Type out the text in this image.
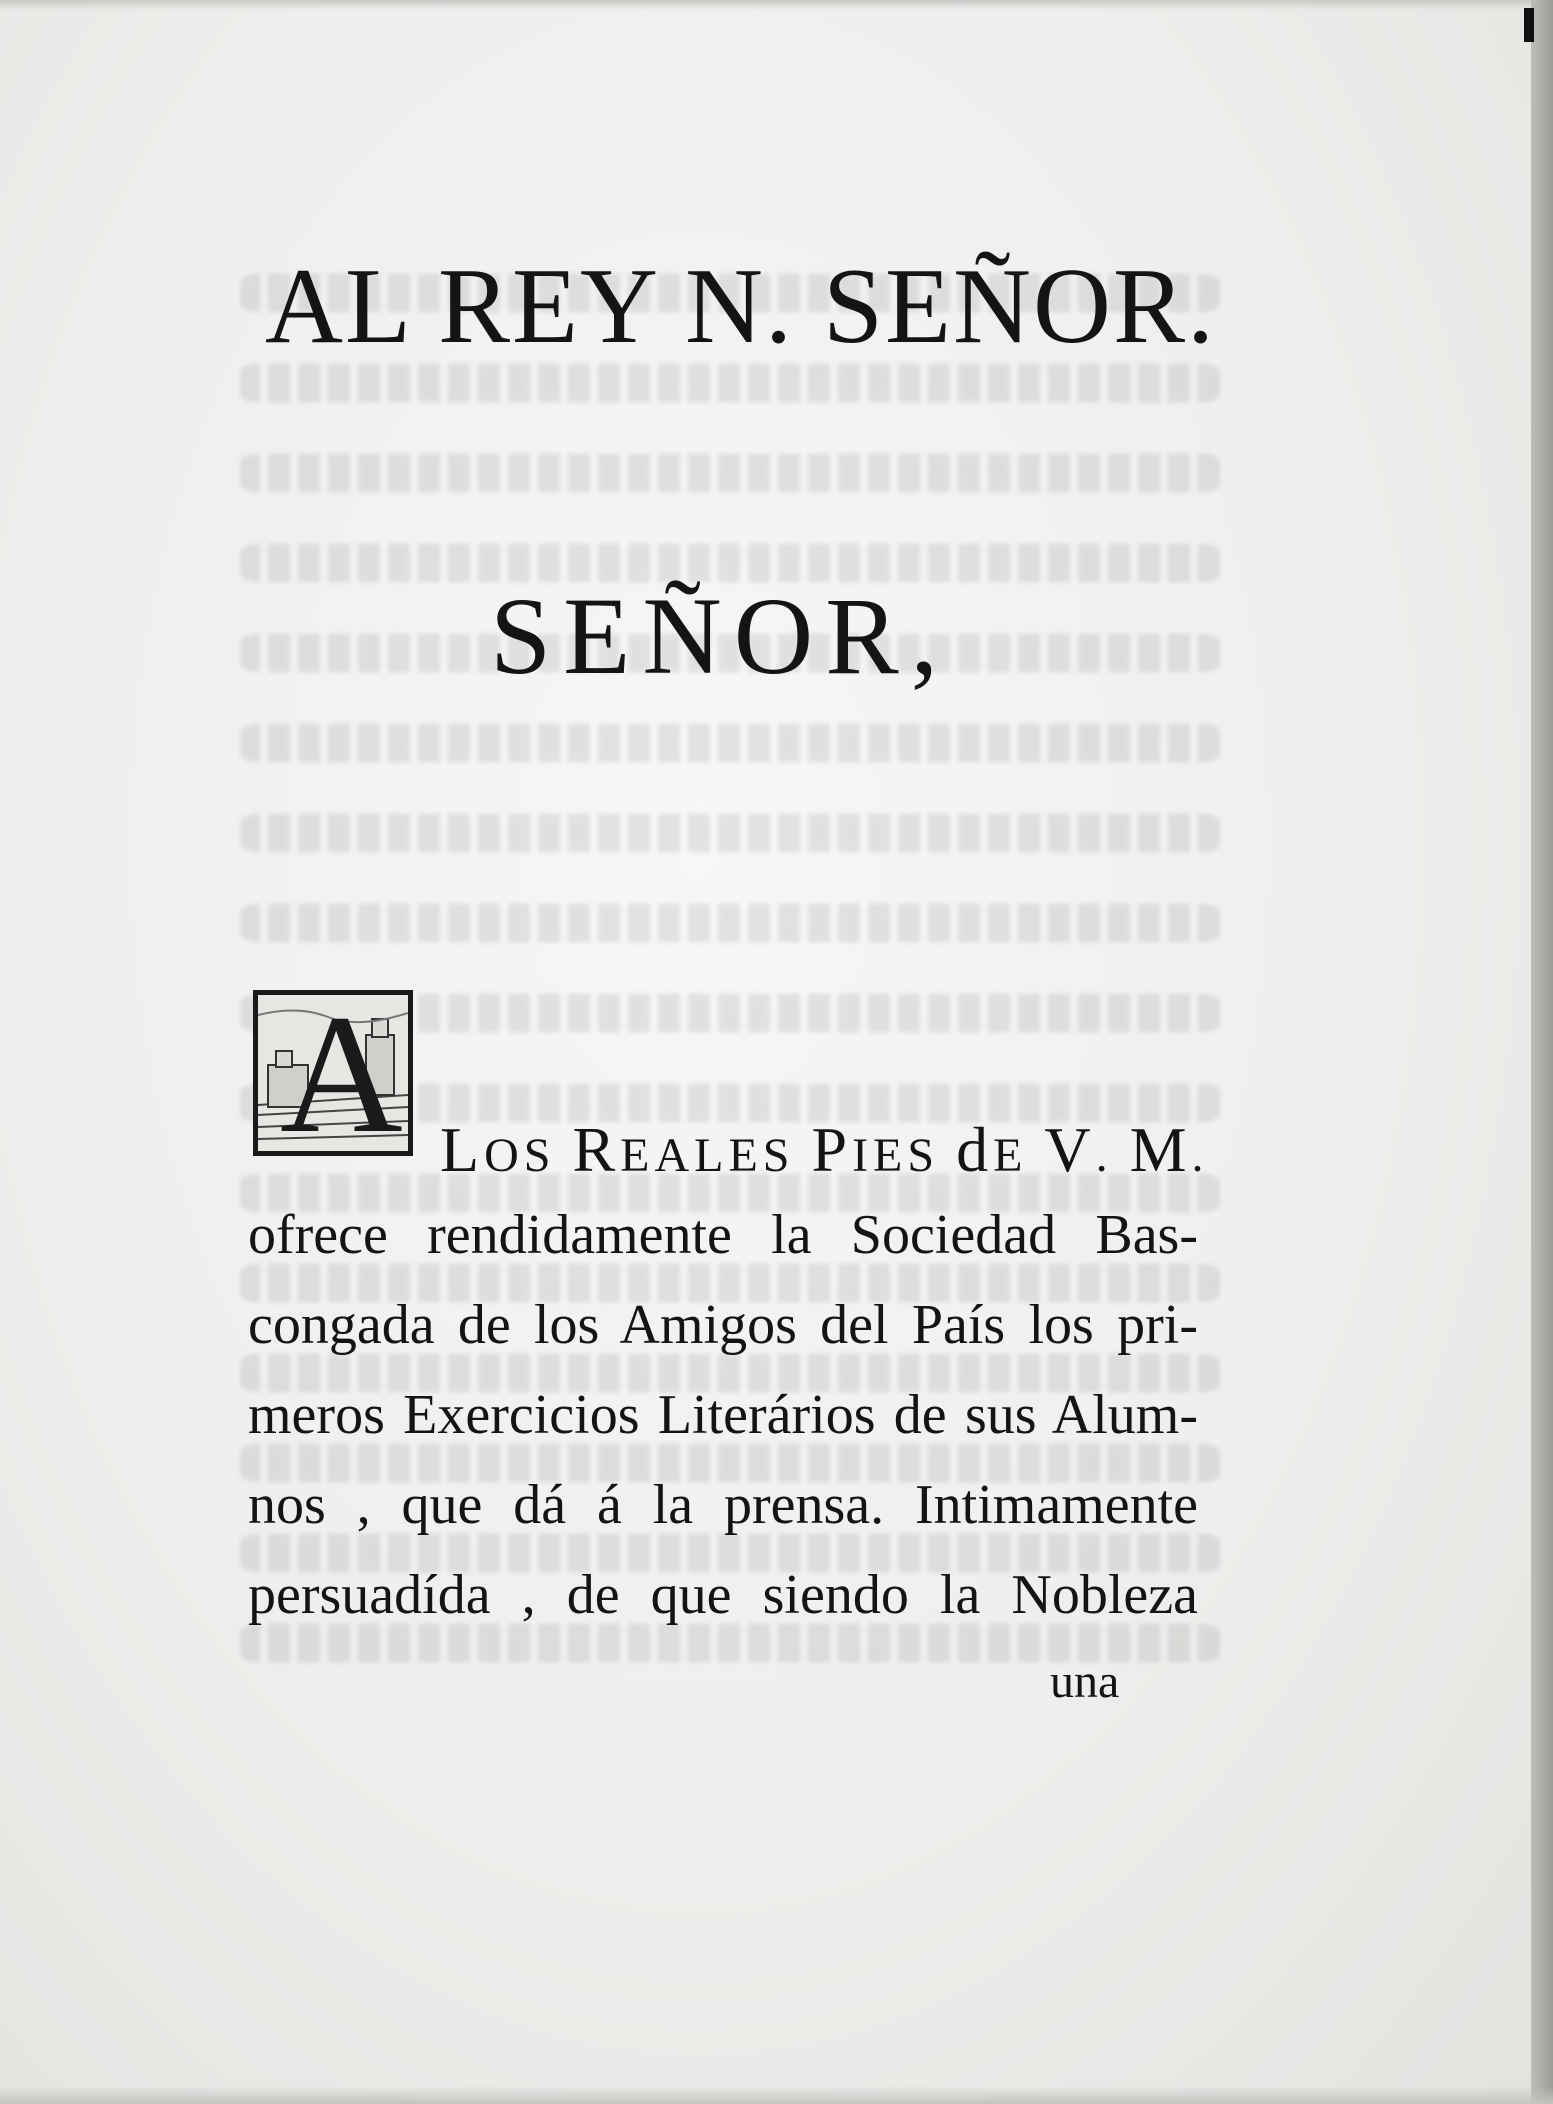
AL REY N. SEÑOR.
SEÑOR,
A LOS REALES PIES dE V. M.
ofrece rendidamente la Sociedad Bas-
congada de los Amigos del País los pri-
meros Exercicios Literários de sus Alum-
nos , que dá á la prensa. Intimamente
persuadída , de que siendo la Nobleza
una
